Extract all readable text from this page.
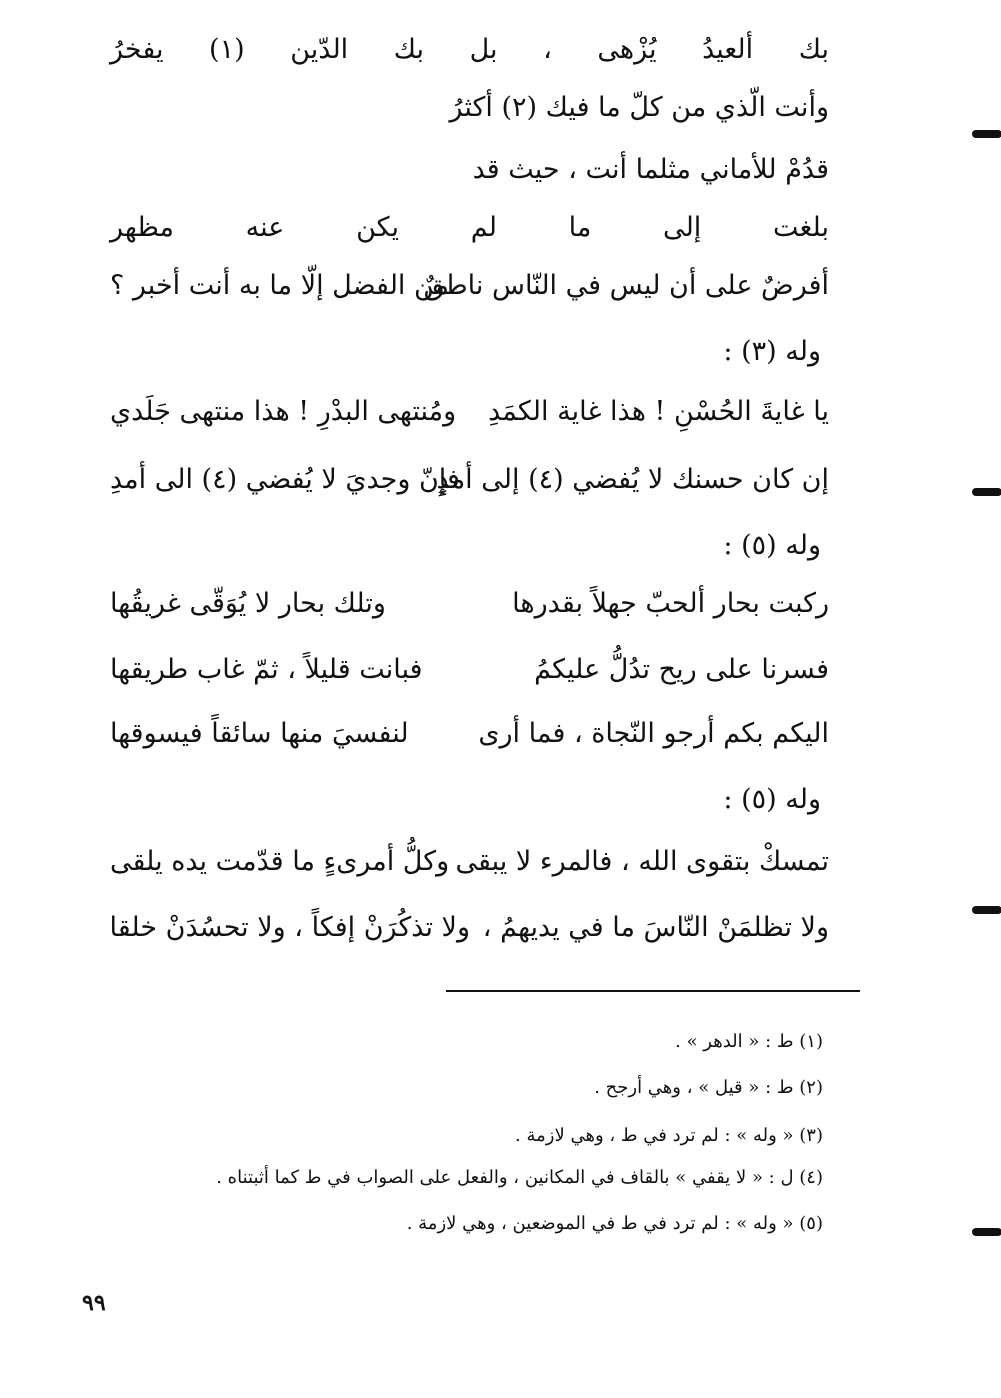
بك ألعيدُ يُزْهى ، بل بك الدّين (١) يفخرُ
وأنت الّذي من كلّ ما فيك (٢) أكثرُ
قدُمْ للأماني مثلما أنت ، حيث قد
بلغت إلى ما لم يكن عنه مظهر
أفرضٌ على أن ليس في النّاس ناطقٌ
من الفضل إلّا ما به أنت أخبر ؟
وله (٣) :
يا غايةَ الحُسْنِ ! هذا غاية الكمَدِ
ومُنتهى البدْرِ ! هذا منتهى جَلَدي
إن كان حسنك لا يُفضي (٤) إلى أمدٍ
فإنّ وجديَ لا يُفضي (٤) الى أمدِ
وله (٥) :
ركبت بحار ألحبّ جهلاً بقدرها
وتلك بحار لا يُوَقّى غريقُها
فسرنا على ريح تدُلُّ عليكمُ
فبانت قليلاً ، ثمّ غاب طريقها
اليكم بكم أرجو النّجاة ، فما أرى
لنفسيَ منها سائقاً فيسوقها
وله (٥) :
تمسكْ بتقوى الله ، فالمرء لا يبقى
وكلُّ أمرىءٍ ما قدّمت يده يلقى
ولا تظلمَنْ النّاسَ ما في يديهمُ ،
ولا تذكُرَنْ إفكاً ، ولا تحسُدَنْ خلقا
(١) ط : « الدهر » .
(٢) ط : « قيل » ، وهي أرجح .
(٣) « وله » : لم ترد في ط ، وهي لازمة .
(٤) ل : « لا يقفي » بالقاف في المكانين ، والفعل على الصواب في ط كما أثبتناه .
(٥) « وله » : لم ترد في ط في الموضعين ، وهي لازمة .
٩٩
